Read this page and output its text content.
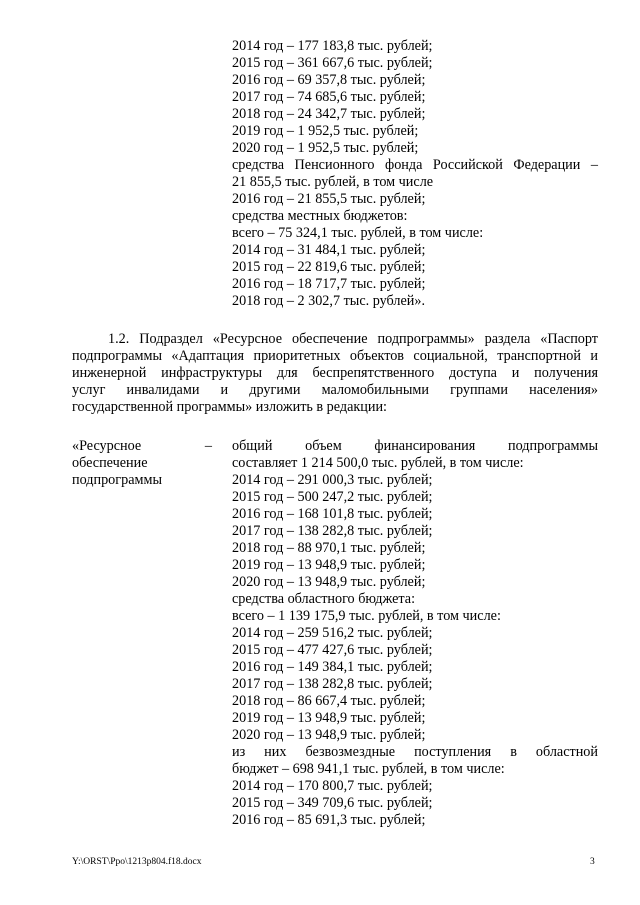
2014 год – 177 183,8 тыс. рублей;
2015 год – 361 667,6 тыс. рублей;
2016 год – 69 357,8 тыс. рублей;
2017 год – 74 685,6 тыс. рублей;
2018 год – 24 342,7 тыс. рублей;
2019 год – 1 952,5 тыс. рублей;
2020 год – 1 952,5 тыс. рублей;
средства Пенсионного фонда Российской Федерации –
21 855,5 тыс. рублей, в том числе
2016 год – 21 855,5 тыс. рублей;
средства местных бюджетов:
всего – 75 324,1 тыс. рублей, в том числе:
2014 год – 31 484,1 тыс. рублей;
2015 год – 22 819,6 тыс. рублей;
2016 год – 18 717,7 тыс. рублей;
2018 год – 2 302,7 тыс. рублей».
1.2. Подраздел «Ресурсное обеспечение подпрограммы» раздела «Паспорт
подпрограммы «Адаптация приоритетных объектов социальной, транспортной и
инженерной инфраструктуры для беспрепятственного доступа и получения
услуг инвалидами и другими маломобильными группами населения»
государственной программы» изложить в редакции:
«Ресурсное –
обеспечение
подпрограммы
общий объем финансирования подпрограммы
составляет 1 214 500,0 тыс. рублей, в том числе:
2014 год – 291 000,3 тыс. рублей;
2015 год – 500 247,2 тыс. рублей;
2016 год – 168 101,8 тыс. рублей;
2017 год – 138 282,8 тыс. рублей;
2018 год – 88 970,1 тыс. рублей;
2019 год – 13 948,9 тыс. рублей;
2020 год – 13 948,9 тыс. рублей;
средства областного бюджета:
всего – 1 139 175,9 тыс. рублей, в том числе:
2014 год – 259 516,2 тыс. рублей;
2015 год – 477 427,6 тыс. рублей;
2016 год – 149 384,1 тыс. рублей;
2017 год – 138 282,8 тыс. рублей;
2018 год – 86 667,4 тыс. рублей;
2019 год – 13 948,9 тыс. рублей;
2020 год – 13 948,9 тыс. рублей;
из них безвозмездные поступления в областной
бюджет – 698 941,1 тыс. рублей, в том числе:
2014 год – 170 800,7 тыс. рублей;
2015 год – 349 709,6 тыс. рублей;
2016 год – 85 691,3 тыс. рублей;
Y:\ORST\Ppo\1213p804.f18.docx	3
